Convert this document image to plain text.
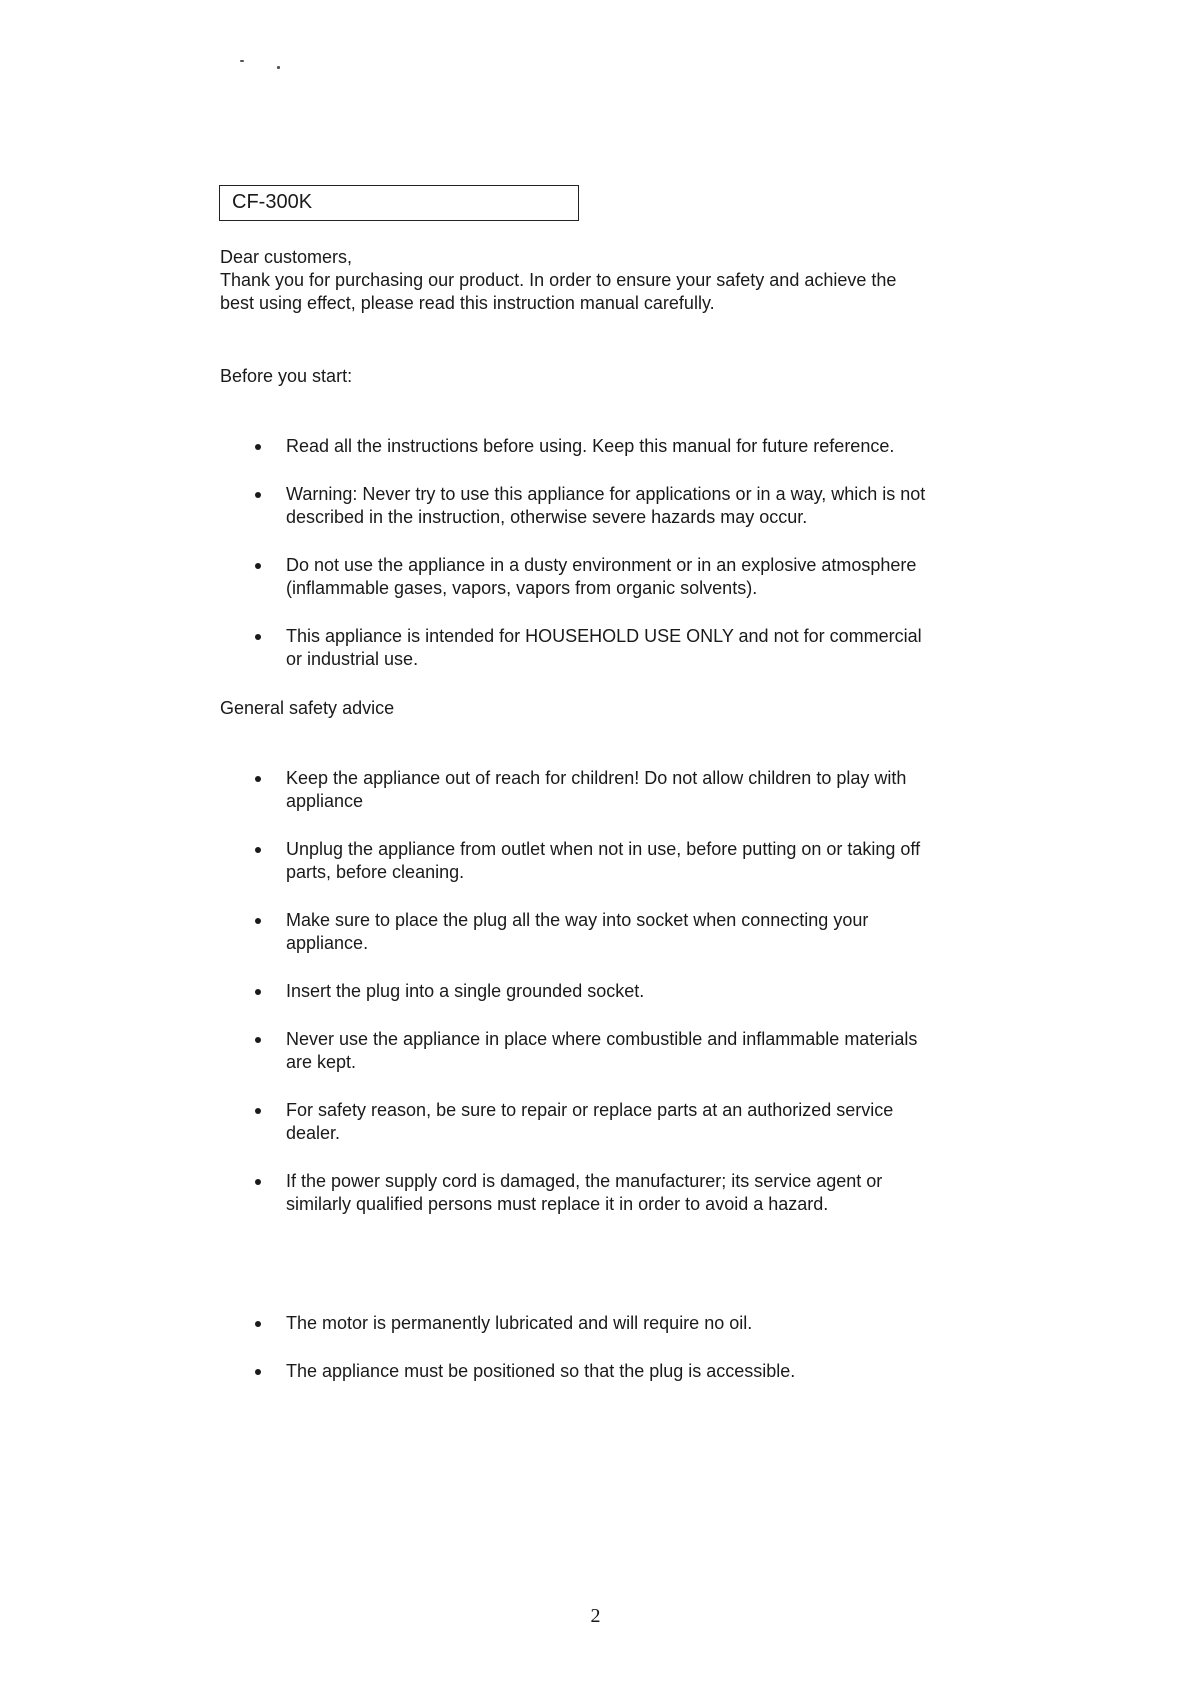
CF-300K
Dear customers,
Thank you for purchasing our product. In order to ensure your safety and achieve the
best using effect, please read this instruction manual carefully.
Before you start:
Read all the instructions before using. Keep this manual for future reference.
Warning: Never try to use this appliance for applications or in a way, which is not
described in the instruction, otherwise severe hazards may occur.
Do not use the appliance in a dusty environment or in an explosive atmosphere
(inflammable gases, vapors, vapors from organic solvents).
This appliance is intended for HOUSEHOLD USE ONLY and not for commercial
or industrial use.
General safety advice
Keep the appliance out of reach for children! Do not allow children to play with
appliance
Unplug the appliance from outlet when not in use, before putting on or taking off
parts, before cleaning.
Make sure to place the plug all the way into socket when connecting your
appliance.
Insert the plug into a single grounded socket.
Never use the appliance in place where combustible and inflammable materials
are kept.
For safety reason, be sure to repair or replace parts at an authorized service
dealer.
If the power supply cord is damaged, the manufacturer; its service agent or
similarly qualified persons must replace it in order to avoid a hazard.
The motor is permanently lubricated and will require no oil.
The appliance must be positioned so that the plug is accessible.
2
